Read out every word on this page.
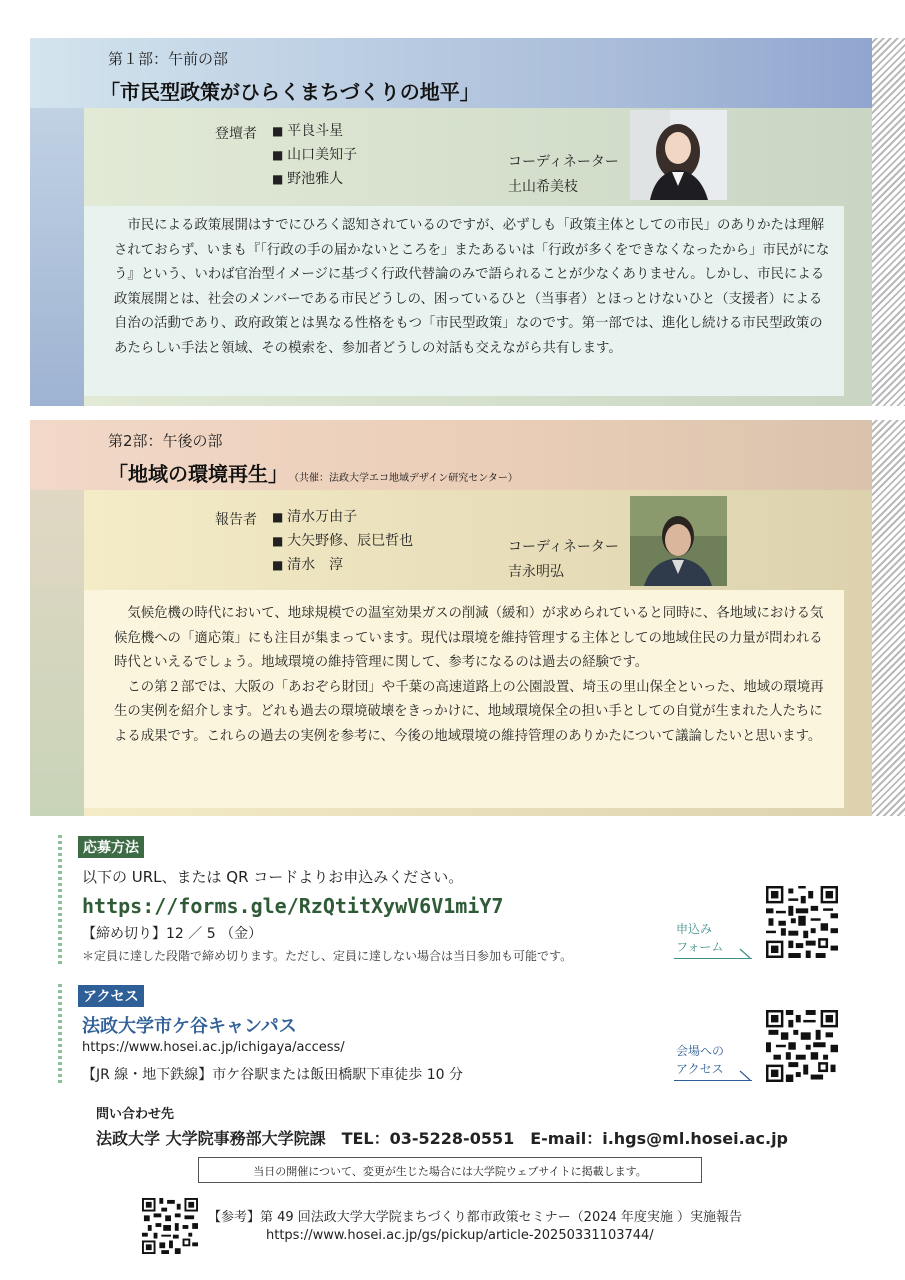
第１部：午前の部
「市民型政策がひらくまちづくりの地平」
登壇者	■ 平良斗星
■ 山口美知子
■ 野池雅人
コーディネーター
土山希美枝

市民による政策展開はすでにひろく認知されているのですが、必ずしも「政策主体としての市民」のありかたは理解されておらず、いまも『「行政の手の届かないところを」またあるいは「行政が多くをできなくなったから」市民がになう』という、いわば官治型イメージに基づく行政代替論のみで語られることが少なくありません。しかし、市民による政策展開とは、社会のメンバーである市民どうしの、困っているひと（当事者）とほっとけないひと（支援者）による自治の活動であり、政府政策とは異なる性格をもつ「市民型政策」なのです。第一部では、進化し続ける市民型政策のあたらしい手法と領域、その模索を、参加者どうしの対話も交えながら共有します。

第2部：午後の部
「地域の環境再生」 （共催：法政大学エコ地域デザイン研究センター）
報告者	■ 清水万由子
■ 大矢野修、辰巳哲也
■ 清水　淳
コーディネーター
吉永明弘

気候危機の時代において、地球規模での温室効果ガスの削減（緩和）が求められていると同時に、各地域における気候危機への「適応策」にも注目が集まっています。現代は環境を維持管理する主体としての地域住民の力量が問われる時代といえるでしょう。地域環境の維持管理に関して、参考になるのは過去の経験です。

この第２部では、大阪の「あおぞら財団」や千葉の高速道路上の公園設置、埼玉の里山保全といった、地域の環境再生の実例を紹介します。どれも過去の環境破壊をきっかけに、地域環境保全の担い手としての自覚が生まれた人たちによる成果です。これらの過去の実例を参考に、今後の地域環境の維持管理のありかたについて議論したいと思います。

応募方法
以下の URL、または QR コードよりお申込みください。
https://forms.gle/RzQtitXywV6V1miY7
【締め切り】12 ／ 5 （金）
＊定員に達した段階で締め切ります。ただし、定員に達しない場合は当日参加も可能です。
申込み
フォーム
アクセス
法政大学市ケ谷キャンパス
https://www.hosei.ac.jp/ichigaya/access/
【JR 線・地下鉄線】市ケ谷駅または飯田橋駅下車徒歩 10 分
会場への
アクセス
問い合わせ先
法政大学 大学院事務部大学院課　TEL：03-5228-0551　E-mail：i.hgs@ml.hosei.ac.jp
当日の開催について、変更が生じた場合には大学院ウェブサイトに掲載します。
【参考】第 49 回法政大学大学院まちづくり都市政策セミナー（2024 年度実施 ）実施報告
https://www.hosei.ac.jp/gs/pickup/article-20250331103744/
